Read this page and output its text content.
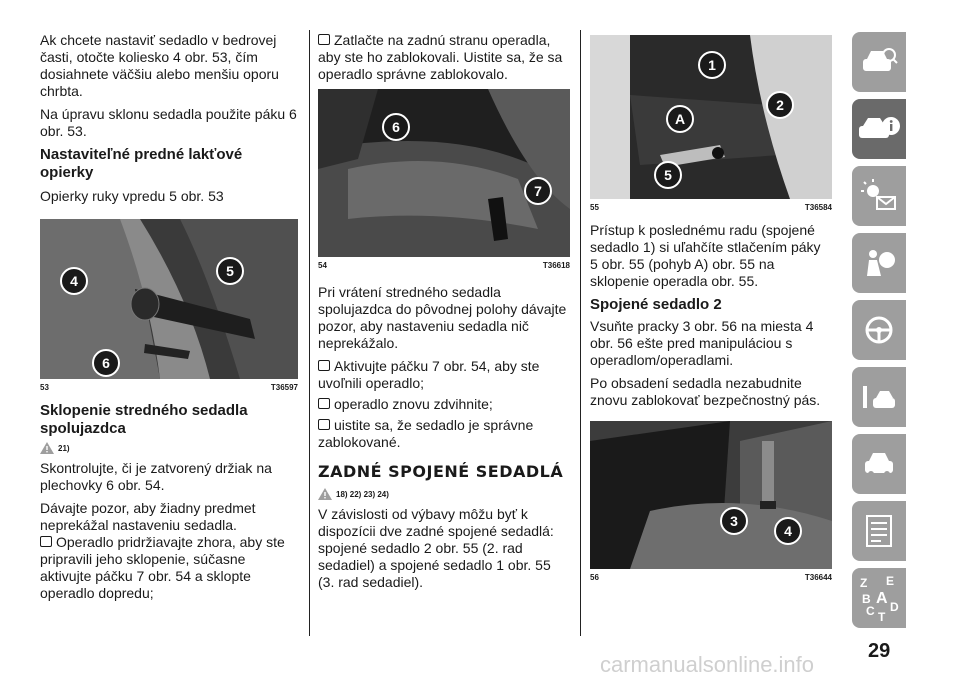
Ak chcete nastaviť sedadlo v bedrovej časti, otočte koliesko 4 obr. 53, čím dosiahnete väčšiu alebo menšiu oporu chrbta.

Na úpravu sklonu sedadla použite páku 6 obr. 53.

Nastaviteľné predné lakťové opierky

Opierky ruky vpredu 5 obr. 53

4
5
6
53	T36597
Sklopenie stredného sedadla spolujazdca
21)

Skontrolujte, či je zatvorený držiak na plechovky 6 obr. 54.

Dávajte pozor, aby žiadny predmet neprekážal nastaveniu sedadla.

Operadlo pridržiavajte zhora, aby ste pripravili jeho sklopenie, súčasne aktivujte páčku 7 obr. 54 a sklopte operadlo dopredu;

Zatlačte na zadnú stranu operadla, aby ste ho zablokovali. Uistite sa, že sa operadlo správne zablokovalo.

6
7
54	T36618

Pri vrátení stredného sedadla spolujazdca do pôvodnej polohy dávajte pozor, aby nastaveniu sedadla nič neprekážalo.

Aktivujte páčku 7 obr. 54, aby ste uvoľnili operadlo;

operadlo znovu zdvihnite;

uistite sa, že sedadlo je správne zablokované.

ZADNÉ SPOJENÉ SEDADLÁ
18) 22) 23) 24)

V závislosti od výbavy môžu byť k dispozícii dve zadné spojené sedadlá: spojené sedadlo 2 obr. 55 (2. rad sedadiel) a spojené sedadlo 1 obr. 55 (3. rad sedadiel).

1
2
A
5
55	T36584

Prístup k poslednému radu (spojené sedadlo 1) si uľahčíte stlačením páky 5 obr. 55 (pohyb A) obr. 55 na sklopenie operadla obr. 55.

Spojené sedadlo 2

Vsuňte pracky 3 obr. 56 na miesta 4 obr. 56 ešte pred manipuláciou s operadlom/operadlami.

Po obsadení sedadla nezabudnite znovu zablokovať bezpečnostný pás.

3
4
56	T36644 Z E
B A
C D
T
29
carmanualsonline.info
